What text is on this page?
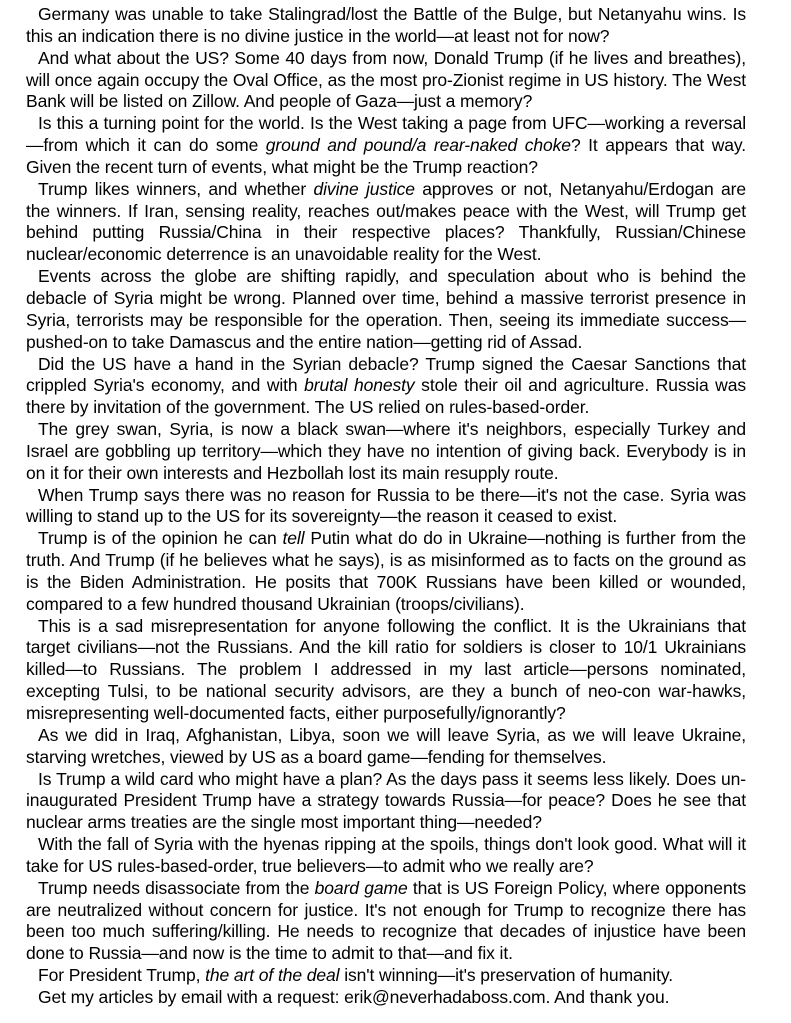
Germany was unable to take Stalingrad/lost the Battle of the Bulge, but Netanyahu wins. Is this an indication there is no divine justice in the world—at least not for now?

And what about the US? Some 40 days from now, Donald Trump (if he lives and breathes), will once again occupy the Oval Office, as the most pro-Zionist regime in US history. The West Bank will be listed on Zillow. And people of Gaza—just a memory?

Is this a turning point for the world. Is the West taking a page from UFC—working a reversal—from which it can do some ground and pound/a rear-naked choke? It appears that way. Given the recent turn of events, what might be the Trump reaction?

Trump likes winners, and whether divine justice approves or not, Netanyahu/Erdogan are the winners. If Iran, sensing reality, reaches out/makes peace with the West, will Trump get behind putting Russia/China in their respective places? Thankfully, Russian/Chinese nuclear/economic deterrence is an unavoidable reality for the West.

Events across the globe are shifting rapidly, and speculation about who is behind the debacle of Syria might be wrong. Planned over time, behind a massive terrorist presence in Syria, terrorists may be responsible for the operation. Then, seeing its immediate success—pushed-on to take Damascus and the entire nation—getting rid of Assad.

Did the US have a hand in the Syrian debacle? Trump signed the Caesar Sanctions that crippled Syria's economy, and with brutal honesty stole their oil and agriculture. Russia was there by invitation of the government. The US relied on rules-based-order.

The grey swan, Syria, is now a black swan—where it's neighbors, especially Turkey and Israel are gobbling up territory—which they have no intention of giving back. Everybody is in on it for their own interests and Hezbollah lost its main resupply route.

When Trump says there was no reason for Russia to be there—it's not the case. Syria was willing to stand up to the US for its sovereignty—the reason it ceased to exist.

Trump is of the opinion he can tell Putin what do do in Ukraine—nothing is further from the truth. And Trump (if he believes what he says), is as misinformed as to facts on the ground as is the Biden Administration. He posits that 700K Russians have been killed or wounded, compared to a few hundred thousand Ukrainian (troops/civilians).

This is a sad misrepresentation for anyone following the conflict. It is the Ukrainians that target civilians—not the Russians. And the kill ratio for soldiers is closer to 10/1 Ukrainians killed—to Russians. The problem I addressed in my last article—persons nominated, excepting Tulsi, to be national security advisors, are they a bunch of neo-con war-hawks, misrepresenting well-documented facts, either purposefully/ignorantly?

As we did in Iraq, Afghanistan, Libya, soon we will leave Syria, as we will leave Ukraine, starving wretches, viewed by US as a board game—fending for themselves.

Is Trump a wild card who might have a plan? As the days pass it seems less likely. Does un-inaugurated President Trump have a strategy towards Russia—for peace? Does he see that nuclear arms treaties are the single most important thing—needed?

With the fall of Syria with the hyenas ripping at the spoils, things don't look good. What will it take for US rules-based-order, true believers—to admit who we really are?

Trump needs disassociate from the board game that is US Foreign Policy, where opponents are neutralized without concern for justice. It's not enough for Trump to recognize there has been too much suffering/killing. He needs to recognize that decades of injustice have been done to Russia—and now is the time to admit to that—and fix it.

For President Trump, the art of the deal isn't winning—it's preservation of humanity.

Get my articles by email with a request: erik@neverhadaboss.com. And thank you.
